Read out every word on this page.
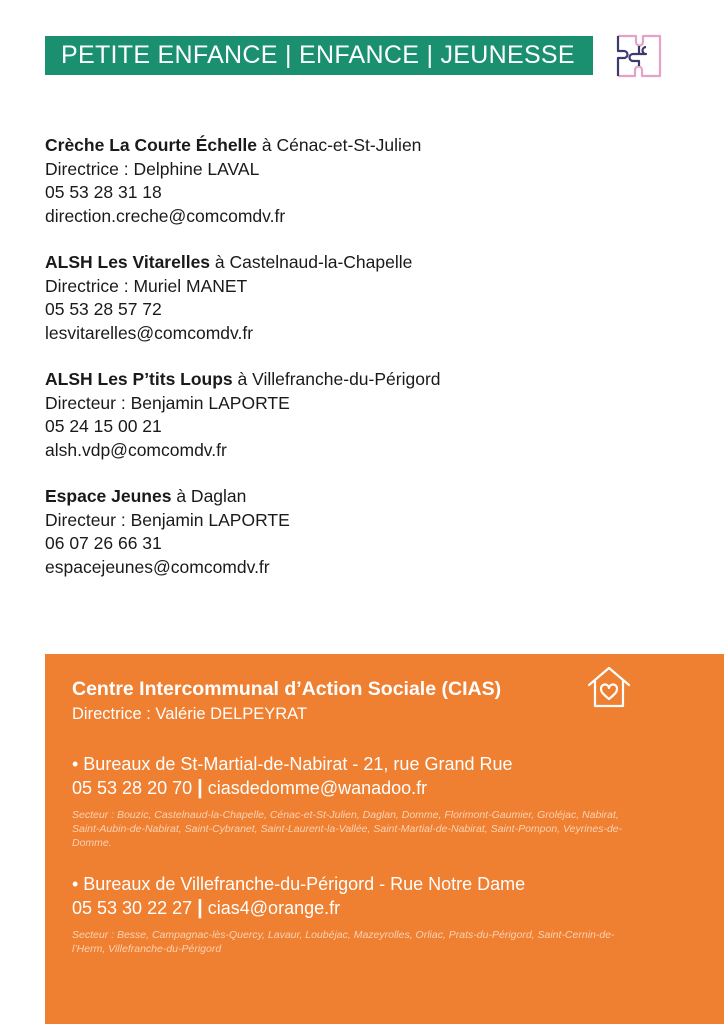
PETITE ENFANCE | ENFANCE | JEUNESSE
Crèche La Courte Échelle à Cénac-et-St-Julien
Directrice : Delphine LAVAL
05 53 28 31 18
direction.creche@comcomdv.fr
ALSH Les Vitarelles à Castelnaud-la-Chapelle
Directrice : Muriel MANET
05 53 28 57 72
lesvitarelles@comcomdv.fr
ALSH Les P’tits Loups à Villefranche-du-Périgord
Directeur : Benjamin LAPORTE
05 24 15 00 21
alsh.vdp@comcomdv.fr
Espace Jeunes à Daglan
Directeur : Benjamin LAPORTE
06 07 26 66 31
espacejeunes@comcomdv.fr
Centre Intercommunal d’Action Sociale (CIAS)
Directrice : Valérie DELPEYRAT
• Bureaux de St-Martial-de-Nabirat - 21, rue Grand Rue
05 53 28 20 70 | ciasdedomme@wanadoo.fr
Secteur : Bouzic, Castelnaud-la-Chapelle, Cénac-et-St-Julien, Daglan, Domme, Florimont-Gaumier, Groléjac, Nabirat, Saint-Aubin-de-Nabirat, Saint-Cybranet, Saint-Laurent-la-Vallée, Saint-Martial-de-Nabirat, Saint-Pompon, Veyrines-de-Domme.
• Bureaux de Villefranche-du-Périgord - Rue Notre Dame
05 53 30 22 27 | cias4@orange.fr
Secteur : Besse, Campagnac-lès-Quercy, Lavaur, Loubéjac, Mazeyrolles, Orliac, Prats-du-Périgord, Saint-Cernin-de-l’Herm, Villefranche-du-Périgord
